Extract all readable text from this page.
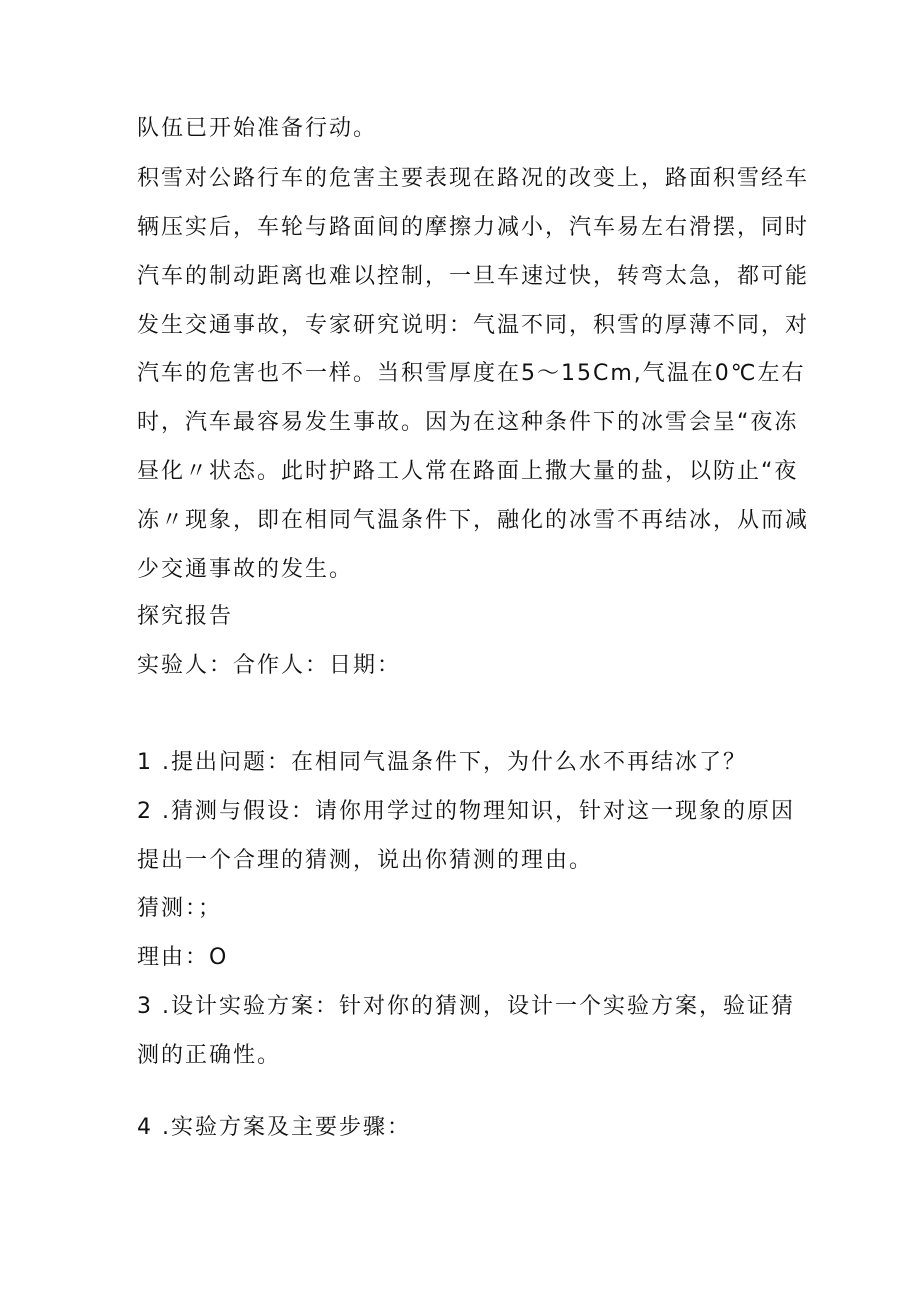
队伍已开始准备行动。
积雪对公路行车的危害主要表现在路况的改变上，路面积雪经车
辆压实后，车轮与路面间的摩擦力减小，汽车易左右滑摆，同时
汽车的制动距离也难以控制，一旦车速过快，转弯太急，都可能
发生交通事故，专家研究说明：气温不同，积雪的厚薄不同，对
汽车的危害也不一样。当积雪厚度在5〜15Cm,气温在0℃左右
时，汽车最容易发生事故。因为在这种条件下的冰雪会呈“夜冻
昼化〃状态。此时护路工人常在路面上撒大量的盐，以防止“夜
冻〃现象，即在相同气温条件下，融化的冰雪不再结冰，从而减
少交通事故的发生。
探究报告
实验人：合作人：日期：
1 .提出问题：在相同气温条件下，为什么水不再结冰了？
2 .猜测与假设：请你用学过的物理知识，针对这一现象的原因
提出一个合理的猜测，说出你猜测的理由。
猜测：；
理由：O
3 .设计实验方案：针对你的猜测，设计一个实验方案，验证猜
测的正确性。
4 .实验方案及主要步骤：
